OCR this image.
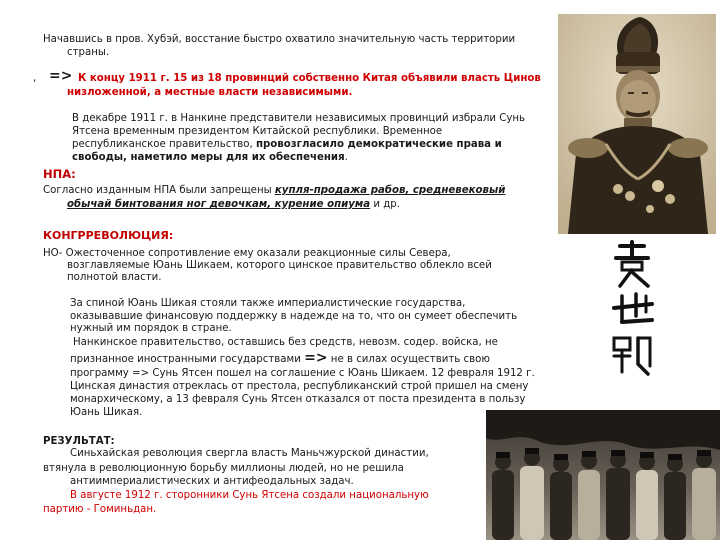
Начавшись в пров. Хубэй, восстание быстро охватило значительную часть территории

страны.

, => К концу 1911 г. 15 из 18 провинций собственно Китая объявили власть Цинов

низложенной, а местные власти независимыми.

В декабре 1911 г. в Нанкине представители независимых провинций избрали Сунь

Ятсена временным президентом Китайской республики. Временное

республиканское правительство, провозгласило демократические права и

свободы, наметило меры для их обеспечения.

НПА:

Согласно изданным НПА были запрещены купля-продажа рабов, средневековый

обычай бинтования ног девочкам, курение опиума и др.

КОНГРРЕВОЛЮЦИЯ:

НО- Ожесточенное сопротивление ему оказали реакционные силы Севера,

возглавляемые Юань Шикаем, которого цинское правительство облекло всей

полнотой власти.

За спиной Юань Шикая стояли также империалистические государства,

оказывавшие финансовую поддержку в надежде на то, что он сумеет обеспечить

нужный им порядок в стране.

Нанкинское правительство, оставшись без средств, невозм. содер. войска, не

признанное иностранными государствами => не в силах осуществить свою

программу => Сунь Ятсен пошел на соглашение с Юань Шикаем. 12 февраля 1912 г.

Цинская династия отреклась от престола, республиканский строй пришел на смену

монархическому, а 13 февраля Сунь Ятсен отказался от поста президента в пользу

Юань Шикая.

РЕЗУЛЬТАТ:

Синьхайская революция свергла власть Маньчжурской династии,

втянула в революционную борьбу миллионы людей, но не решила

антиимпериалистических и антифеодальных задач.

В августе 1912 г. сторонники Сунь Ятсена создали национальную

партию - Гоминьдан.
